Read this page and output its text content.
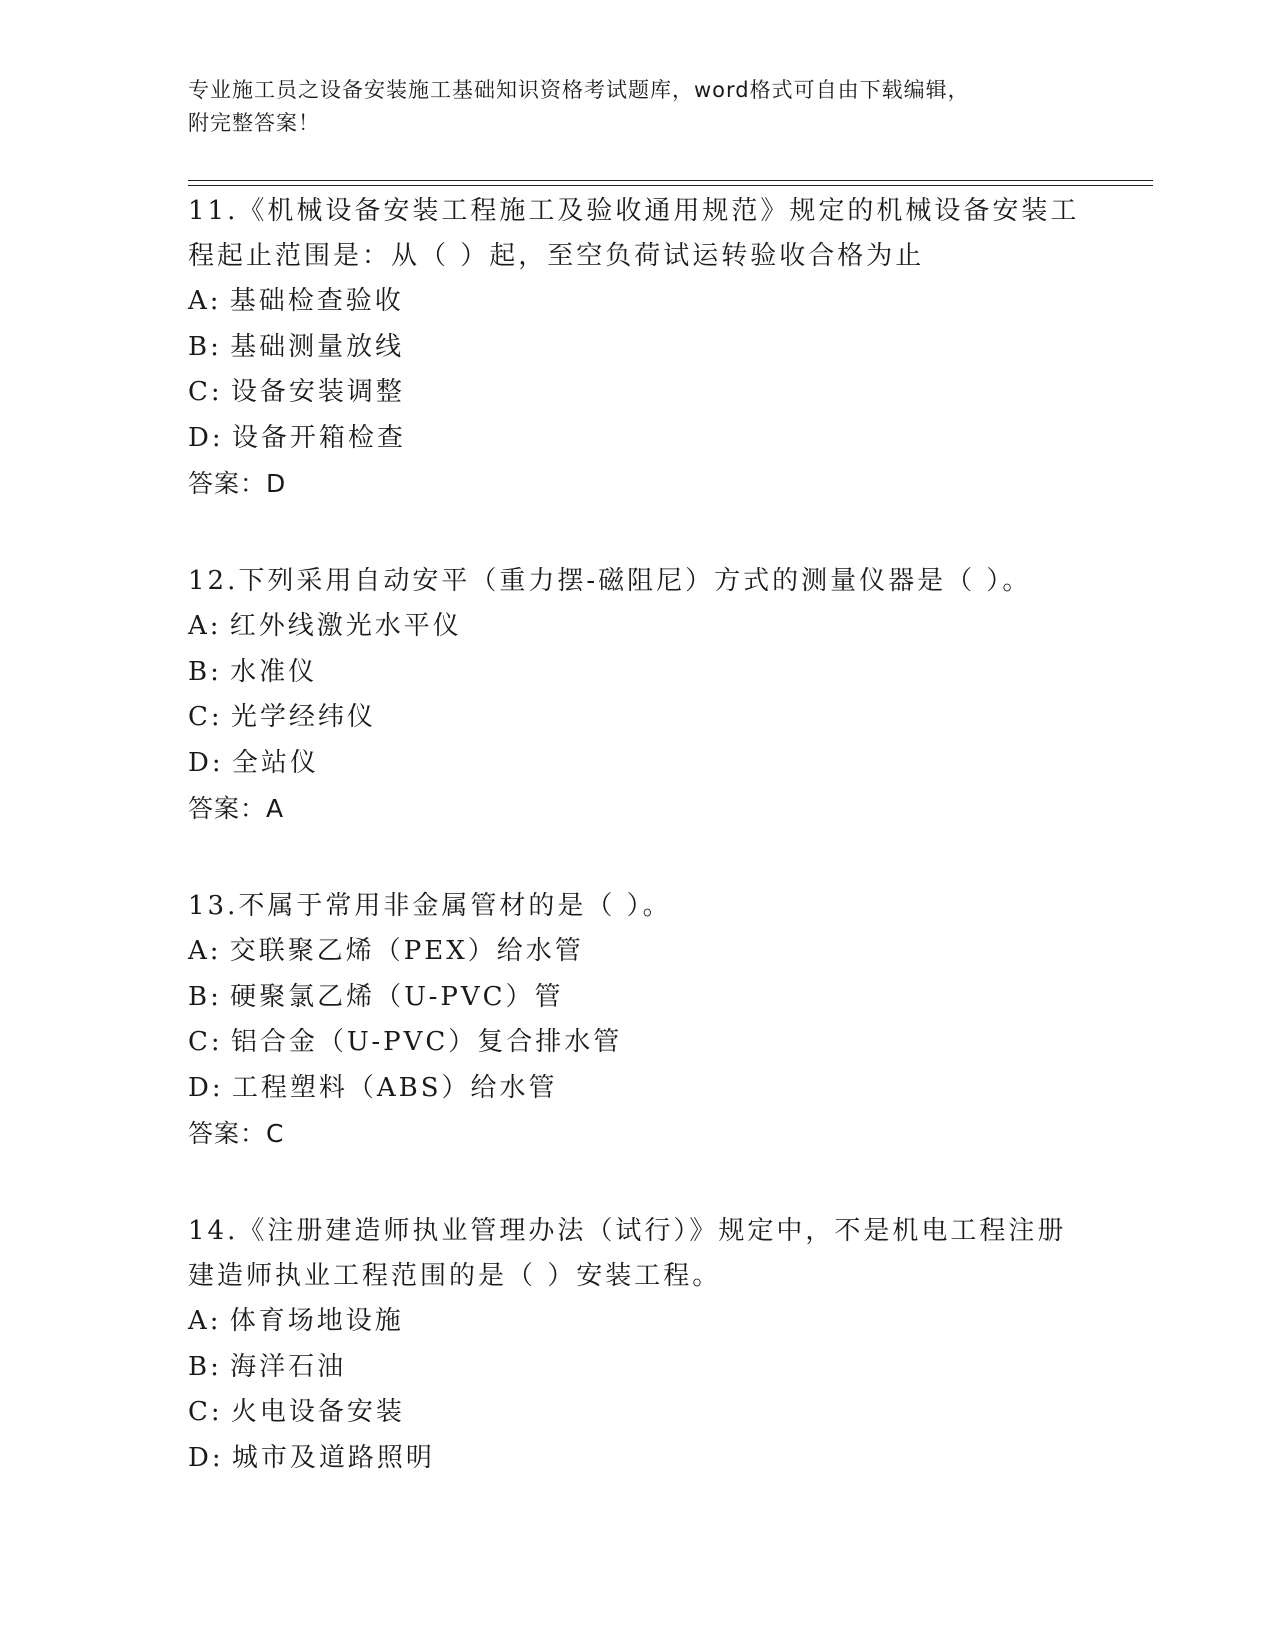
专业施工员之设备安装施工基础知识资格考试题库，word格式可自由下载编辑，
附完整答案！
11.《机械设备安装工程施工及验收通用规范》规定的机械设备安装工程起止范围是：从（ ）起，至空负荷试运转验收合格为止
A: 基础检查验收
B: 基础测量放线
C: 设备安装调整
D: 设备开箱检查
答案：D
12.下列采用自动安平（重力摆-磁阻尼）方式的测量仪器是（ ）。
A: 红外线激光水平仪
B: 水准仪
C: 光学经纬仪
D: 全站仪
答案：A
13.不属于常用非金属管材的是（ ）。
A: 交联聚乙烯（PEX）给水管
B: 硬聚氯乙烯（U-PVC）管
C: 铝合金（U-PVC）复合排水管
D: 工程塑料（ABS）给水管
答案：C
14.《注册建造师执业管理办法（试行）》规定中，不是机电工程注册建造师执业工程范围的是（ ）安装工程。
A: 体育场地设施
B: 海洋石油
C: 火电设备安装
D: 城市及道路照明
